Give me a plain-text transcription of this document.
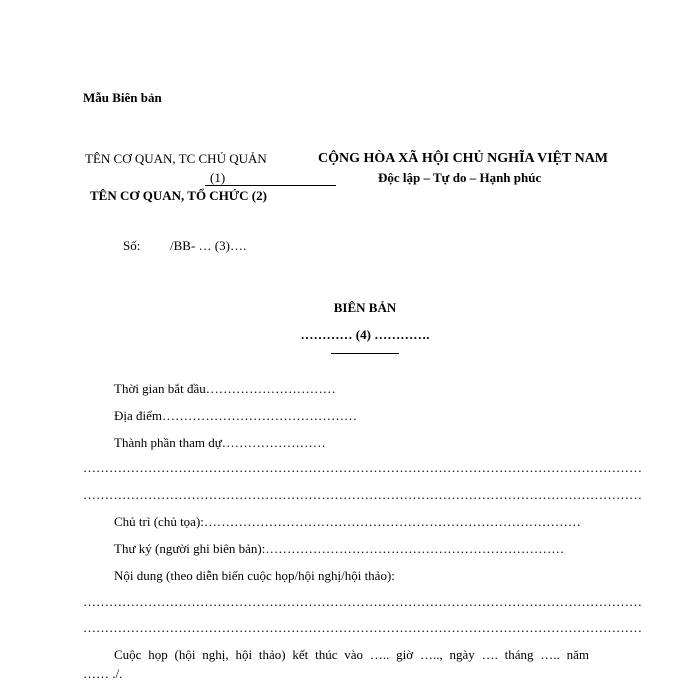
Mẫu Biên bản
TÊN CƠ QUAN, TC CHỦ QUẢN
(1)
TÊN CƠ QUAN, TỔ CHỨC (2)
CỘNG HÒA XÃ HỘI CHỦ NGHĨA VIỆT NAM
Độc lập – Tự do – Hạnh phúc
Số: /BB- … (3)….
BIÊN BẢN
………… (4) ………….
Thời gian bắt đầu…………………………
Địa điểm………………………………………
Thành phần tham dự……………………
…………………………………………………………………………………………………………………
…………………………………………………………………………………………………………………
Chủ trì (chủ tọa):……………………………………………………………………………
Thư ký (người ghi biên bản):……………………………………………………………
Nội dung (theo diễn biến cuộc họp/hội nghị/hội thảo):
…………………………………………………………………………………………………………………
…………………………………………………………………………………………………………………
Cuộc họp (hội nghị, hội thảo) kết thúc vào ….. giờ ….., ngày …. tháng ….. năm
…… ./.
